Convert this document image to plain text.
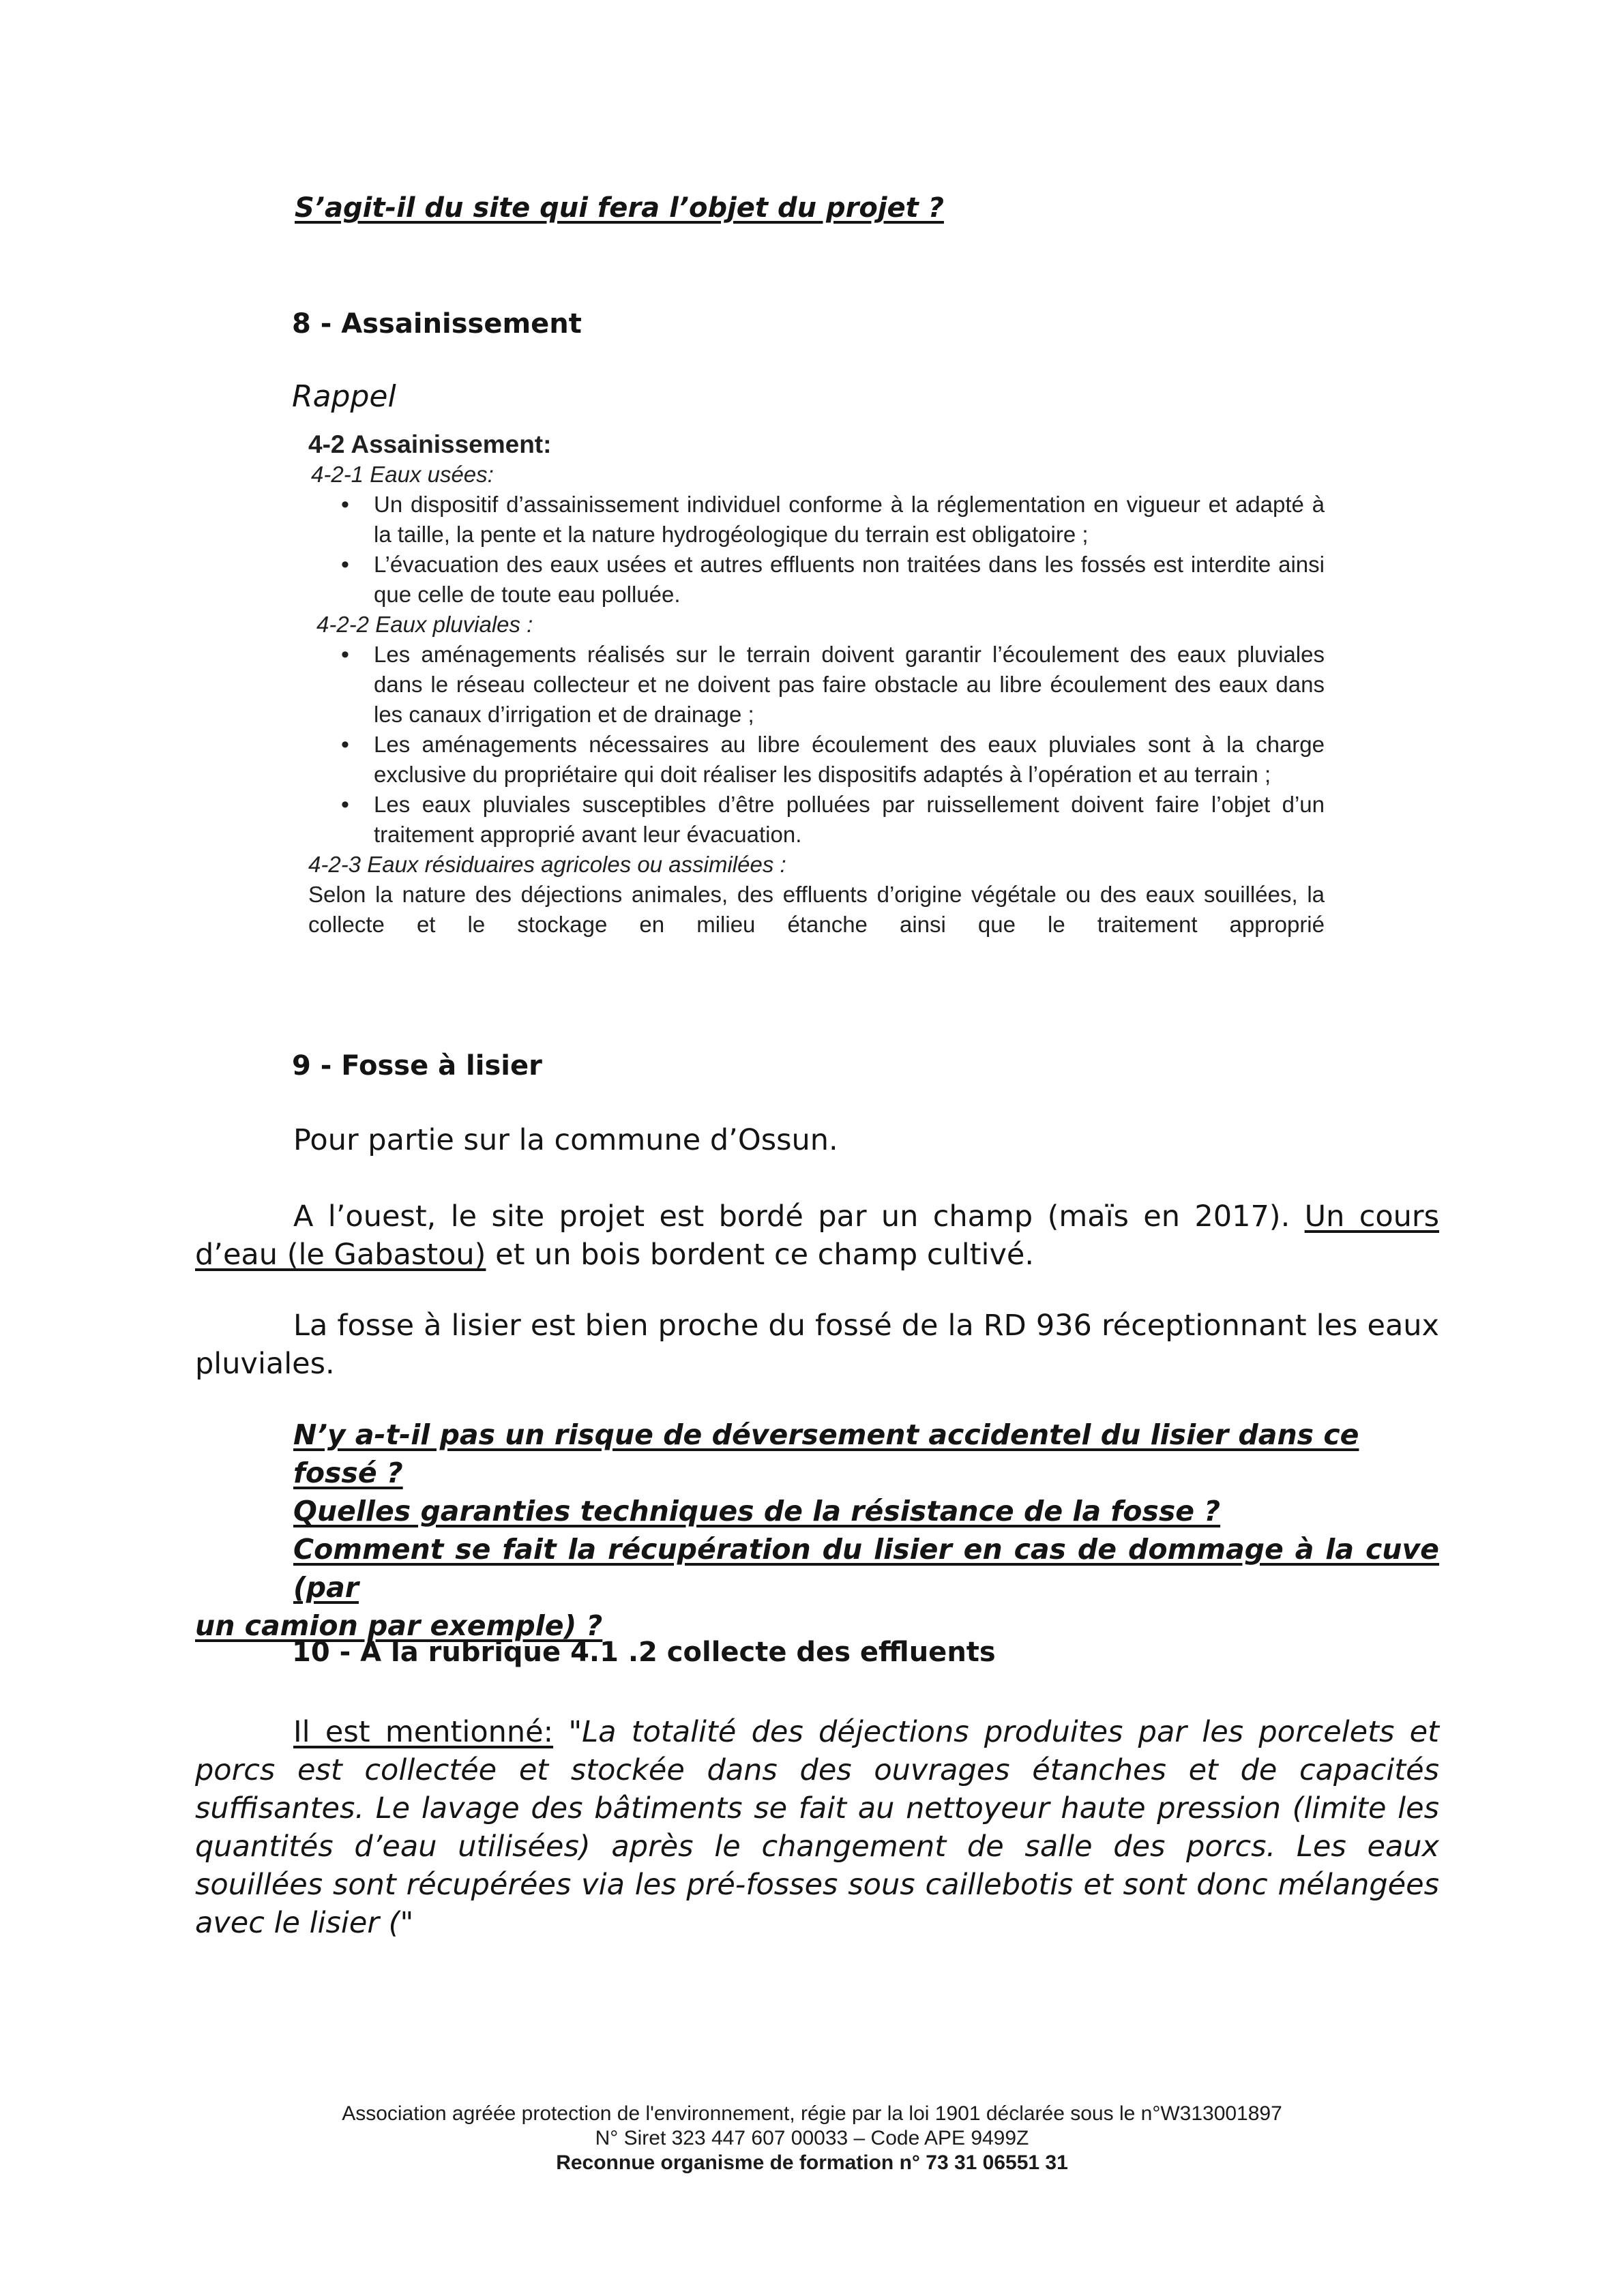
S’agit-il du site qui fera l’objet du projet ?
8 - Assainissement
Rappel
4-2 Assainissement:
4-2-1 Eaux usées:
• Un dispositif d’assainissement individuel conforme à la réglementation en vigueur et adapté à la taille, la pente et la nature hydrogéologique du terrain est obligatoire ;
• L’évacuation des eaux usées et autres effluents non traitées dans les fossés est interdite ainsi que celle de toute eau polluée.
4-2-2 Eaux pluviales :
• Les aménagements réalisés sur le terrain doivent garantir l’écoulement des eaux pluviales dans le réseau collecteur et ne doivent pas faire obstacle au libre écoulement des eaux dans les canaux d’irrigation et de drainage ;
• Les aménagements nécessaires au libre écoulement des eaux pluviales sont à la charge exclusive du propriétaire qui doit réaliser les dispositifs adaptés à l’opération et au terrain ;
• Les eaux pluviales susceptibles d’être polluées par ruissellement doivent faire l’objet d’un traitement approprié avant leur évacuation.
4-2-3 Eaux résiduaires agricoles ou assimilées :
Selon la nature des déjections animales, des effluents d’origine végétale ou des eaux souillées, la collecte et le stockage en milieu étanche ainsi que le traitement approprié
9 - Fosse à lisier
Pour partie sur la commune d’Ossun.
A l’ouest, le site projet est bordé par un champ (maïs en 2017). Un cours d’eau (le Gabastou) et un bois bordent ce champ cultivé.
La fosse à lisier est bien proche du fossé de la RD 936 réceptionnant les eaux pluviales.
N’y a-t-il pas un risque de déversement accidentel du lisier dans ce fossé ?
Quelles garanties techniques de la résistance de la fosse ?
Comment se fait la récupération du lisier en cas de dommage à la cuve (par
un camion par exemple) ?
10 - A la rubrique 4.1 .2 collecte des effluents
Il est mentionné: "La totalité des déjections produites par les porcelets et porcs est collectée et stockée dans des ouvrages étanches et de capacités suffisantes. Le lavage des bâtiments se fait au nettoyeur haute pression (limite les quantités d’eau utilisées) après le changement de salle des porcs. Les eaux souillées sont récupérées via les pré-fosses sous caillebotis et sont donc mélangées avec le lisier ("
Association agréée protection de l'environnement, régie par la loi 1901 déclarée sous le n°W313001897
N° Siret 323 447 607 00033 – Code APE 9499Z
Reconnue organisme de formation n° 73 31 06551 31
